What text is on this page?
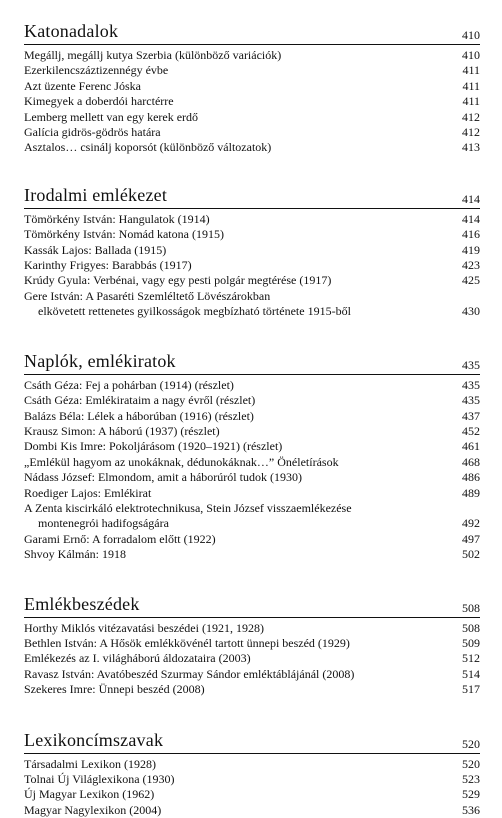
Katonadalok	410
Megállj, megállj kutya Szerbia (különböző variációk)	410
Ezerkilencszáztizennégy évbe	411
Azt üzente Ferenc Jóska	411
Kimegyek a doberdói harctérre	411
Lemberg mellett van egy kerek erdő	412
Galícia gidrös-gödrös határa	412
Asztalos… csinálj koporsót (különböző változatok)	413
Irodalmi emlékezet	414
Tömörkény István: Hangulatok (1914)	414
Tömörkény István: Nomád katona (1915)	416
Kassák Lajos: Ballada (1915)	419
Karinthy Frigyes: Barabbás (1917)	423
Krúdy Gyula: Verbénai, vagy egy pesti polgár megtérése (1917)	425
Gere István: A Pasaréti Szemléltető Lövészárokban
elkövetett rettenetes gyilkosságok megbízható története 1915-ből	430
Naplók, emlékiratok	435
Csáth Géza: Fej a pohárban (1914) (részlet)	435
Csáth Géza: Emlékirataim a nagy évről (részlet)	435
Balázs Béla: Lélek a háborúban (1916) (részlet)	437
Krausz Simon: A háború (1937) (részlet)	452
Dombi Kis Imre: Pokoljárásom (1920–1921) (részlet)	461
„Emlékül hagyom az unokáknak, dédunokáknak…” Önéletírások	468
Nádass József: Elmondom, amit a háborúról tudok (1930)	486
Roediger Lajos: Emlékirat	489
A Zenta kiscirkáló elektrotechnikusa, Stein József visszaemlékezése
montenegrói hadifogságára	492
Garami Ernő: A forradalom előtt (1922)	497
Shvoy Kálmán: 1918	502
Emlékbeszédek	508
Horthy Miklós vitézavatási beszédei (1921, 1928)	508
Bethlen István: A Hősök emlékkövénél tartott ünnepi beszéd (1929)	509
Emlékezés az I. világháború áldozataira (2003)	512
Ravasz István: Avatóbeszéd Szurmay Sándor emléktáblájánál (2008)	514
Szekeres Imre: Ünnepi beszéd (2008)	517
Lexikoncímszavak	520
Társadalmi Lexikon (1928)	520
Tolnai Új Világlexikona (1930)	523
Új Magyar Lexikon (1962)	529
Magyar Nagylexikon (2004)	536
